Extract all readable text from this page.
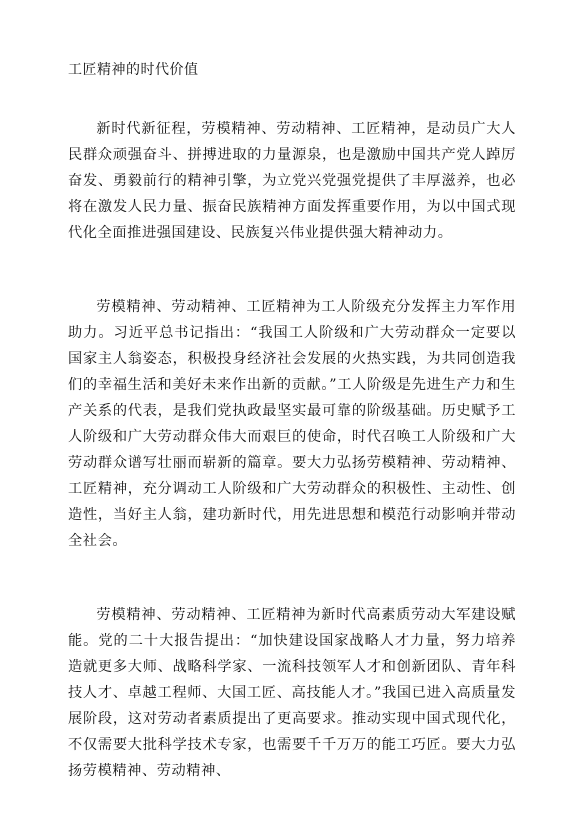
工匠精神的时代价值

新时代新征程，劳模精神、劳动精神、工匠精神，是动员广大人民群众顽强奋斗、拼搏进取的力量源泉，也是激励中国共产党人踔厉奋发、勇毅前行的精神引擎，为立党兴党强党提供了丰厚滋养，也必将在激发人民力量、振奋民族精神方面发挥重要作用，为以中国式现代化全面推进强国建设、民族复兴伟业提供强大精神动力。

劳模精神、劳动精神、工匠精神为工人阶级充分发挥主力军作用助力。习近平总书记指出：“我国工人阶级和广大劳动群众一定要以国家主人翁姿态，积极投身经济社会发展的火热实践，为共同创造我们的幸福生活和美好未来作出新的贡献。”工人阶级是先进生产力和生产关系的代表，是我们党执政最坚实最可靠的阶级基础。历史赋予工人阶级和广大劳动群众伟大而艰巨的使命，时代召唤工人阶级和广大劳动群众谱写壮丽而崭新的篇章。要大力弘扬劳模精神、劳动精神、工匠精神，充分调动工人阶级和广大劳动群众的积极性、主动性、创造性，当好主人翁，建功新时代，用先进思想和模范行动影响并带动全社会。

劳模精神、劳动精神、工匠精神为新时代高素质劳动大军建设赋能。党的二十大报告提出：“加快建设国家战略人才力量，努力培养造就更多大师、战略科学家、一流科技领军人才和创新团队、青年科技人才、卓越工程师、大国工匠、高技能人才。”我国已进入高质量发展阶段，这对劳动者素质提出了更高要求。推动实现中国式现代化，不仅需要大批科学技术专家，也需要千千万万的能工巧匠。要大力弘扬劳模精神、劳动精神、
